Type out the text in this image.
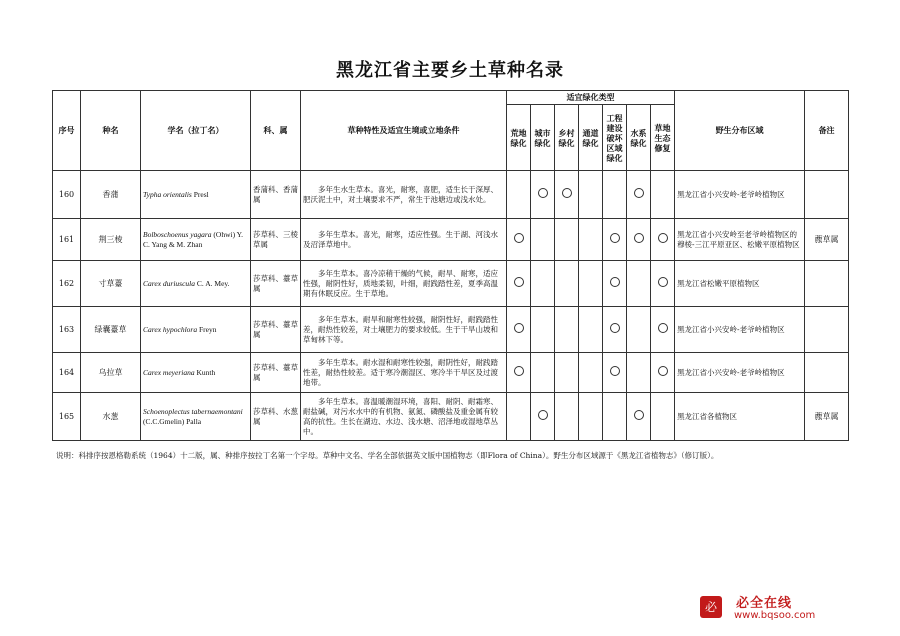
黑龙江省主要乡土草种名录
序号	种名	学名（拉丁名）	科、属	草种特性及适宜生境或立地条件	适宜绿化类型							野生分布区域	备注
					荒地绿化	城市绿化	乡村绿化	通道绿化	工程建设破坏区域绿化	水系绿化	草地生态修复		
160	香蒲	Typha orientalis Presl	香蒲科、香蒲属	多年生水生草本。喜光，耐寒，喜肥，适生长于深厚、肥沃泥土中，对土壤要求不严，常生于池塘边或浅水处。								黑龙江省小兴安岭-老爷岭植物区	
161	荆三棱	Bolboschoenus yagara (Ohwi) Y. C. Yang & M. Zhan	莎草科、三棱草属	多年生草本。喜光，耐寒，适应性强。生于湖、河浅水及沼泽草地中。								黑龙江省小兴安岭至老爷岭植物区的穆棱-三江平原亚区、松嫩平原植物区	藨草属
162	寸草薹	Carex duriuscula C. A. Mey.	莎草科、薹草属	多年生草本。喜冷凉稍干燥的气候，耐旱、耐寒，适应性强，耐阴性好，质地柔韧，叶细，耐践踏性差，夏季高温期有休眠反应。生于草地。								黑龙江省松嫩平原植物区	
163	绿囊薹草	Carex hypochlora Freyn	莎草科、薹草属	多年生草本。耐旱和耐寒性较强，耐阴性好，耐践踏性差，耐热性较差，对土壤肥力的要求较低。生于干旱山坡和草甸林下等。								黑龙江省小兴安岭-老爷岭植物区	
164	乌拉草	Carex meyeriana Kunth	莎草科、薹草属	多年生草本。耐水湿和耐寒性较强，耐阴性好，耐践踏性差，耐热性较差。适于寒冷潮湿区、寒冷半干旱区及过渡地带。								黑龙江省小兴安岭-老爷岭植物区	
165	水葱	Schoenoplectus tabernaemontani (C.C.Gmelin) Palla	莎草科、水葱属	多年生草本。喜温暖潮湿环境，喜阳、耐阴、耐霜寒、耐盐碱，对污水水中的有机物、氨氮、磷酸盐及重金属有较高的抗性。生长在湖边、水边、浅水塘、沼泽地或湿地草丛中。								黑龙江省各植物区	藨草属
说明：科排序按恩格勒系统（1964）十二版，属、种排序按拉丁名第一个字母。草种中文名、学名全部依据英文版中国植物志（即Flora of China）。野生分布区域源于《黑龙江省植物志》（修订版）。
必	必全在线
www.bqsoo.com
